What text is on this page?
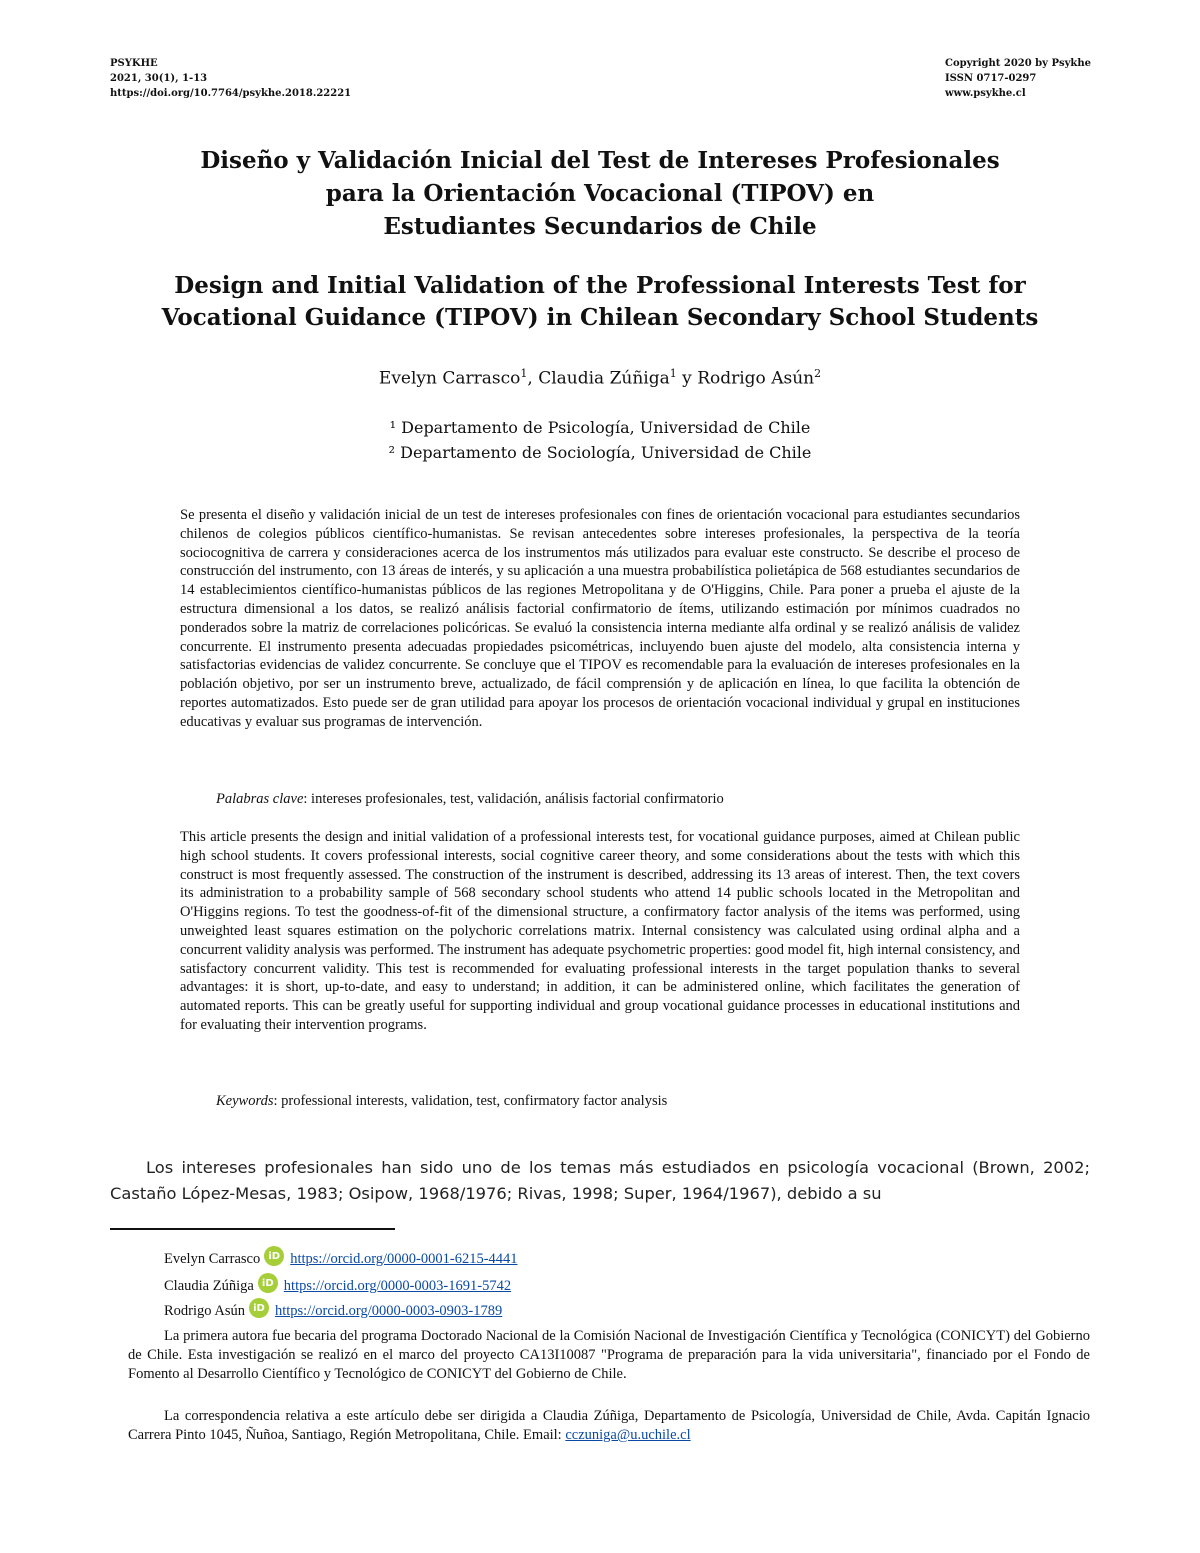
PSYKHE
2021, 30(1), 1-13
https://doi.org/10.7764/psykhe.2018.22221
Copyright 2020 by Psykhe
ISSN 0717-0297
www.psykhe.cl
Diseño y Validación Inicial del Test de Intereses Profesionales
para la Orientación Vocacional (TIPOV) en
Estudiantes Secundarios de Chile
Design and Initial Validation of the Professional Interests Test for
Vocational Guidance (TIPOV) in Chilean Secondary School Students
Evelyn Carrasco$^1$, Claudia Zúñiga$^1$ y Rodrigo Asún$^2$
¹ Departamento de Psicología, Universidad de Chile
² Departamento de Sociología, Universidad de Chile

Se presenta el diseño y validación inicial de un test de intereses profesionales con fines de orientación vocacional para estudiantes secundarios chilenos de colegios públicos científico-humanistas. Se revisan antecedentes sobre intereses profesionales, la perspectiva de la teoría sociocognitiva de carrera y consideraciones acerca de los instrumentos más utilizados para evaluar este constructo. Se describe el proceso de construcción del instrumento, con 13 áreas de interés, y su aplicación a una muestra probabilística polietápica de 568 estudiantes secundarios de 14 establecimientos científico-humanistas públicos de las regiones Metropolitana y de O'Higgins, Chile. Para poner a prueba el ajuste de la estructura dimensional a los datos, se realizó análisis factorial confirmatorio de ítems, utilizando estimación por mínimos cuadrados no ponderados sobre la matriz de correlaciones policóricas. Se evaluó la consistencia interna mediante alfa ordinal y se realizó análisis de validez concurrente. El instrumento presenta adecuadas propiedades psicométricas, incluyendo buen ajuste del modelo, alta consistencia interna y satisfactorias evidencias de validez concurrente. Se concluye que el TIPOV es recomendable para la evaluación de intereses profesionales en la población objetivo, por ser un instrumento breve, actualizado, de fácil comprensión y de aplicación en línea, lo que facilita la obtención de reportes automatizados. Esto puede ser de gran utilidad para apoyar los procesos de orientación vocacional individual y grupal en instituciones educativas y evaluar sus programas de intervención.

Palabras clave: intereses profesionales, test, validación, análisis factorial confirmatorio

This article presents the design and initial validation of a professional interests test, for vocational guidance purposes, aimed at Chilean public high school students. It covers professional interests, social cognitive career theory, and some considerations about the tests with which this construct is most frequently assessed. The construction of the instrument is described, addressing its 13 areas of interest. Then, the text covers its administration to a probability sample of 568 secondary school students who attend 14 public schools located in the Metropolitan and O'Higgins regions. To test the goodness-of-fit of the dimensional structure, a confirmatory factor analysis of the items was performed, using unweighted least squares estimation on the polychoric correlations matrix. Internal consistency was calculated using ordinal alpha and a concurrent validity analysis was performed. The instrument has adequate psychometric properties: good model fit, high internal consistency, and satisfactory concurrent validity. This test is recommended for evaluating professional interests in the target population thanks to several advantages: it is short, up-to-date, and easy to understand; in addition, it can be administered online, which facilitates the generation of automated reports. This can be greatly useful for supporting individual and group vocational guidance processes in educational institutions and for evaluating their intervention programs.

Keywords: professional interests, validation, test, confirmatory factor analysis

Los intereses profesionales han sido uno de los temas más estudiados en psicología vocacional (Brown, 2002; Castaño López-Mesas, 1983; Osipow, 1968/1976; Rivas, 1998; Super, 1964/1967), debido a su

Evelyn Carrasco iD https://orcid.org/0000-0001-6215-4441
Claudia Zúñiga iD https://orcid.org/0000-0003-1691-5742
Rodrigo Asún iD https://orcid.org/0000-0003-0903-1789

La primera autora fue becaria del programa Doctorado Nacional de la Comisión Nacional de Investigación Científica y Tecnológica (CONICYT) del Gobierno de Chile. Esta investigación se realizó en el marco del proyecto CA13I10087 "Programa de preparación para la vida universitaria", financiado por el Fondo de Fomento al Desarrollo Científico y Tecnológico de CONICYT del Gobierno de Chile.

La correspondencia relativa a este artículo debe ser dirigida a Claudia Zúñiga, Departamento de Psicología, Universidad de Chile, Avda. Capitán Ignacio Carrera Pinto 1045, Ñuñoa, Santiago, Región Metropolitana, Chile. Email: cczuniga@u.uchile.cl
